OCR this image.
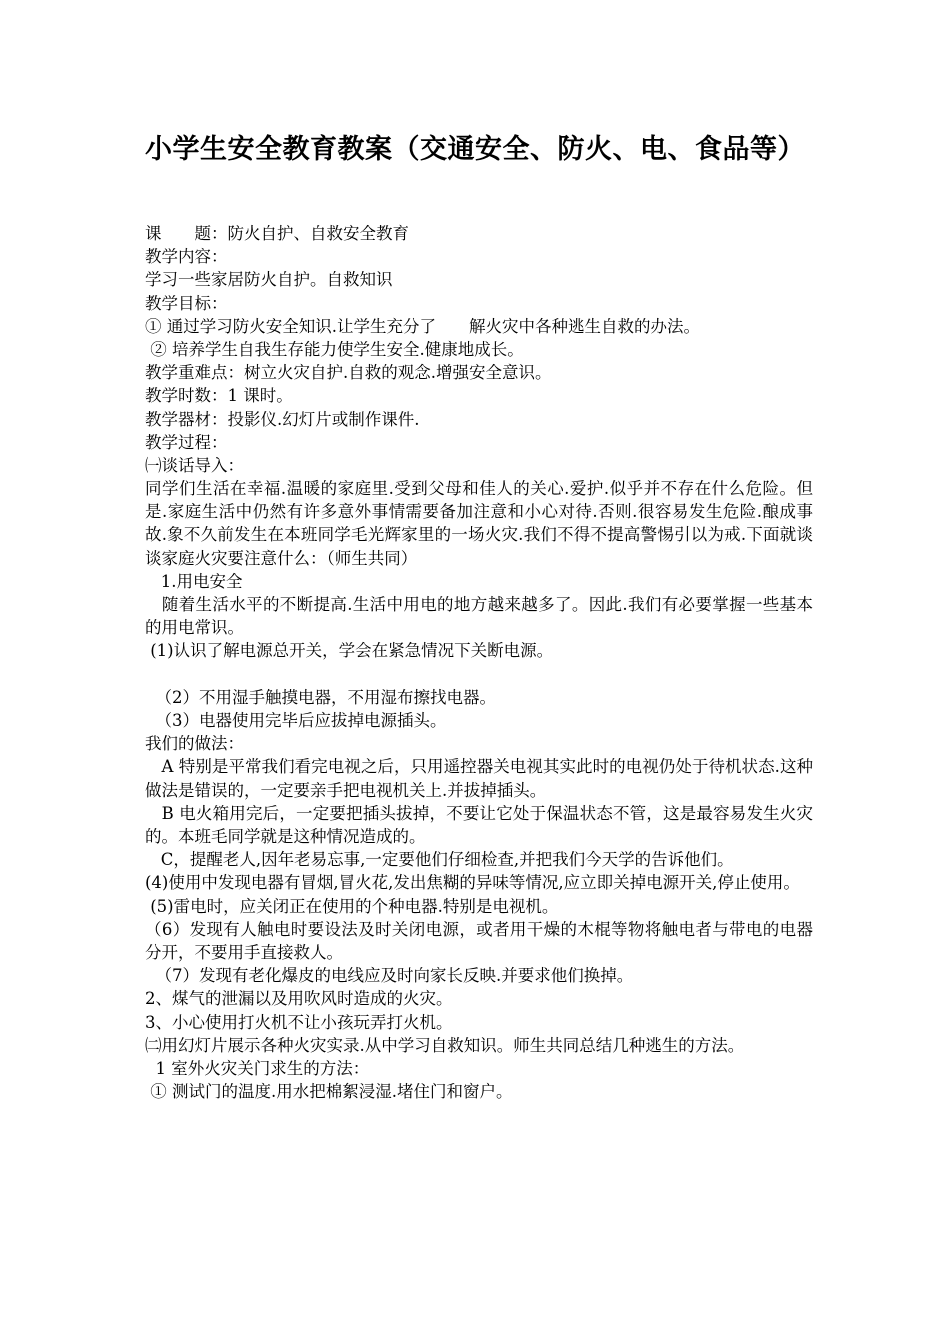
小学生安全教育教案（交通安全、防火、电、食品等）
课　　题：防火自护、自救安全教育
教学内容：
学习一些家居防火自护。自救知识
教学目标：
① 通过学习防火安全知识.让学生充分了　　解火灾中各种逃生自救的办法。
② 培养学生自我生存能力使学生安全.健康地成长。
教学重难点：树立火灾自护.自救的观念.增强安全意识。
教学时数：1 课时。
教学器材：投影仪.幻灯片或制作课件.
教学过程：
㈠谈话导入：
同学们生活在幸福.温暖的家庭里.受到父母和佳人的关心.爱护.似乎并不存在什么危险。但是.家庭生活中仍然有许多意外事情需要备加注意和小心对待.否则.很容易发生危险.酿成事故.象不久前发生在本班同学毛光辉家里的一场火灾.我们不得不提高警惕引以为戒.下面就谈谈家庭火灾要注意什么：（师生共同）
1.用电安全
　随着生活水平的不断提高.生活中用电的地方越来越多了。因此.我们有必要掌握一些基本的用电常识。
(1)认识了解电源总开关，学会在紧急情况下关断电源。
（2）不用湿手触摸电器，不用湿布擦找电器。
（3）电器使用完毕后应拔掉电源插头。
我们的做法：
　A 特别是平常我们看完电视之后，只用遥控器关电视其实此时的电视仍处于待机状态.这种做法是错误的，一定要亲手把电视机关上.并拔掉插头。
　B 电火箱用完后，一定要把插头拔掉，不要让它处于保温状态不管，这是最容易发生火灾的。本班毛同学就是这种情况造成的。
C，提醒老人,因年老易忘事,一定要他们仔细检查,并把我们今天学的告诉他们。
(4)使用中发现电器有冒烟,冒火花,发出焦糊的异味等情况,应立即关掉电源开关,停止使用。
(5)雷电时，应关闭正在使用的个种电器.特别是电视机。
（6）发现有人触电时要设法及时关闭电源，或者用干燥的木棍等物将触电者与带电的电器分开，不要用手直接救人。
（7）发现有老化爆皮的电线应及时向家长反映.并要求他们换掉。
2、煤气的泄漏以及用吹风时造成的火灾。
3、小心使用打火机不让小孩玩弄打火机。
㈡用幻灯片展示各种火灾实录.从中学习自救知识。师生共同总结几种逃生的方法。
1 室外火灾关门求生的方法：
① 测试门的温度.用水把棉絮浸湿.堵住门和窗户。
